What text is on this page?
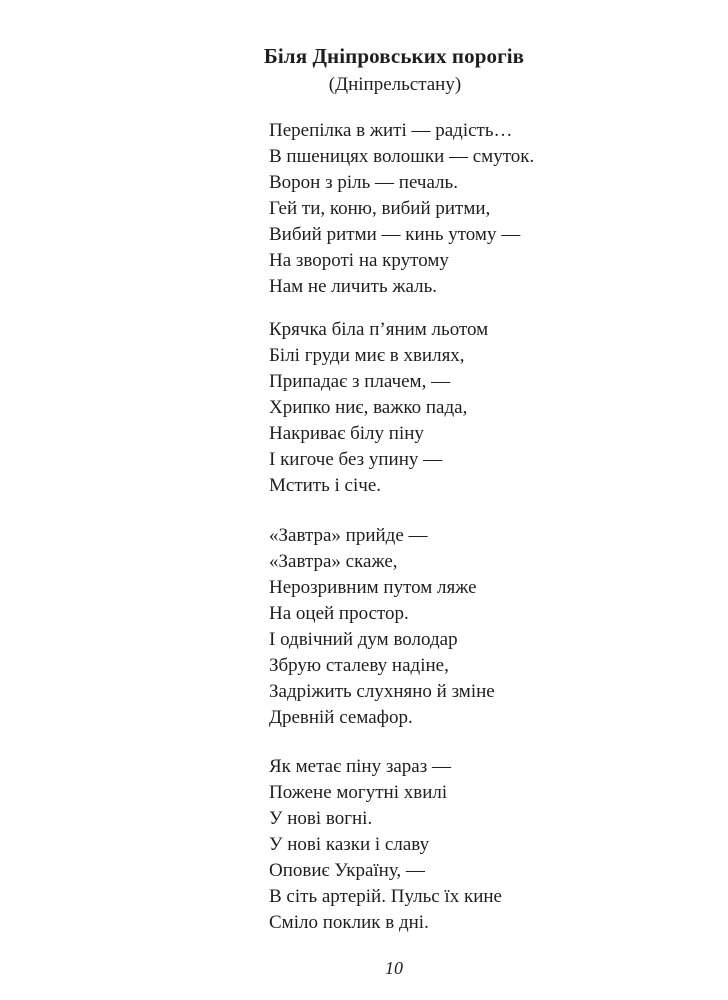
Біля Дніпровських порогів
(Дніпрельстану)
Перепілка в житі — радість…
В пшеницях волошки — смуток.
Ворон з ріль — печаль.
Гей ти, коню, вибий ритми,
Вибий ритми — кинь утому —
На звороті на крутому
Нам не личить жаль.
Крячка біла п’яним льотом
Білі груди миє в хвилях,
Припадає з плачем, —
Хрипко ниє, важко пада,
Накриває білу піну
І кигоче без упину —
Мстить і січе.
«Завтра» прийде —
«Завтра» скаже,
Нерозривним путом ляже
На оцей простор.
І одвічний дум володар
Збрую сталеву надіне,
Задріжить слухняно й зміне
Древній семафор.
Як метає піну зараз —
Пожене могутні хвилі
У нові вогні.
У нові казки і славу
Оповиє Україну, —
В сіть артерій. Пульс їх кине
Сміло поклик в дні.
10
